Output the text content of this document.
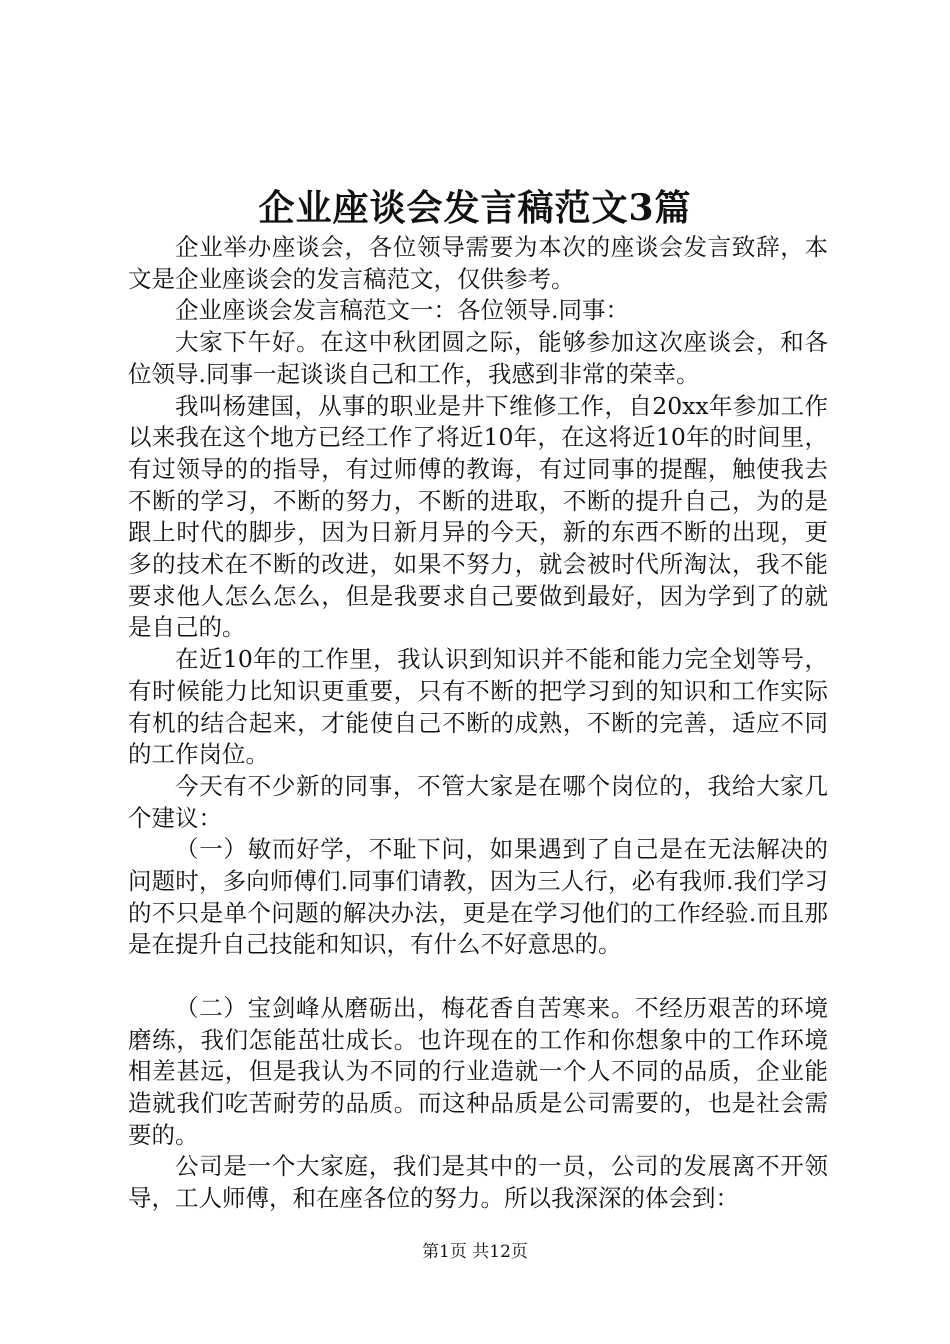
企业座谈会发言稿范文3篇

企业举办座谈会，各位领导需要为本次的座谈会发言致辞，本文是企业座谈会的发言稿范文，仅供参考。

企业座谈会发言稿范文一：各位领导.同事：

大家下午好。在这中秋团圆之际，能够参加这次座谈会，和各位领导.同事一起谈谈自己和工作，我感到非常的荣幸。

我叫杨建国，从事的职业是井下维修工作，自20xx年参加工作以来我在这个地方已经工作了将近10年，在这将近10年的时间里，有过领导的的指导，有过师傅的教诲，有过同事的提醒，触使我去不断的学习，不断的努力，不断的进取，不断的提升自己，为的是跟上时代的脚步，因为日新月异的今天，新的东西不断的出现，更多的技术在不断的改进，如果不努力，就会被时代所淘汰，我不能要求他人怎么怎么，但是我要求自己要做到最好，因为学到了的就是自己的。

在近10年的工作里，我认识到知识并不能和能力完全划等号，有时候能力比知识更重要，只有不断的把学习到的知识和工作实际有机的结合起来，才能使自己不断的成熟，不断的完善，适应不同的工作岗位。

今天有不少新的同事，不管大家是在哪个岗位的，我给大家几个建议：

（一）敏而好学，不耻下问，如果遇到了自己是在无法解决的问题时，多向师傅们.同事们请教，因为三人行，必有我师.我们学习的不只是单个问题的解决办法，更是在学习他们的工作经验.而且那是在提升自己技能和知识，有什么不好意思的。

（二）宝剑峰从磨砺出，梅花香自苦寒来。不经历艰苦的环境磨练，我们怎能茁壮成长。也许现在的工作和你想象中的工作环境相差甚远，但是我认为不同的行业造就一个人不同的品质，企业能造就我们吃苦耐劳的品质。而这种品质是公司需要的，也是社会需要的。

公司是一个大家庭，我们是其中的一员，公司的发展离不开领导，工人师傅，和在座各位的努力。所以我深深的体会到：

第1页 共12页
